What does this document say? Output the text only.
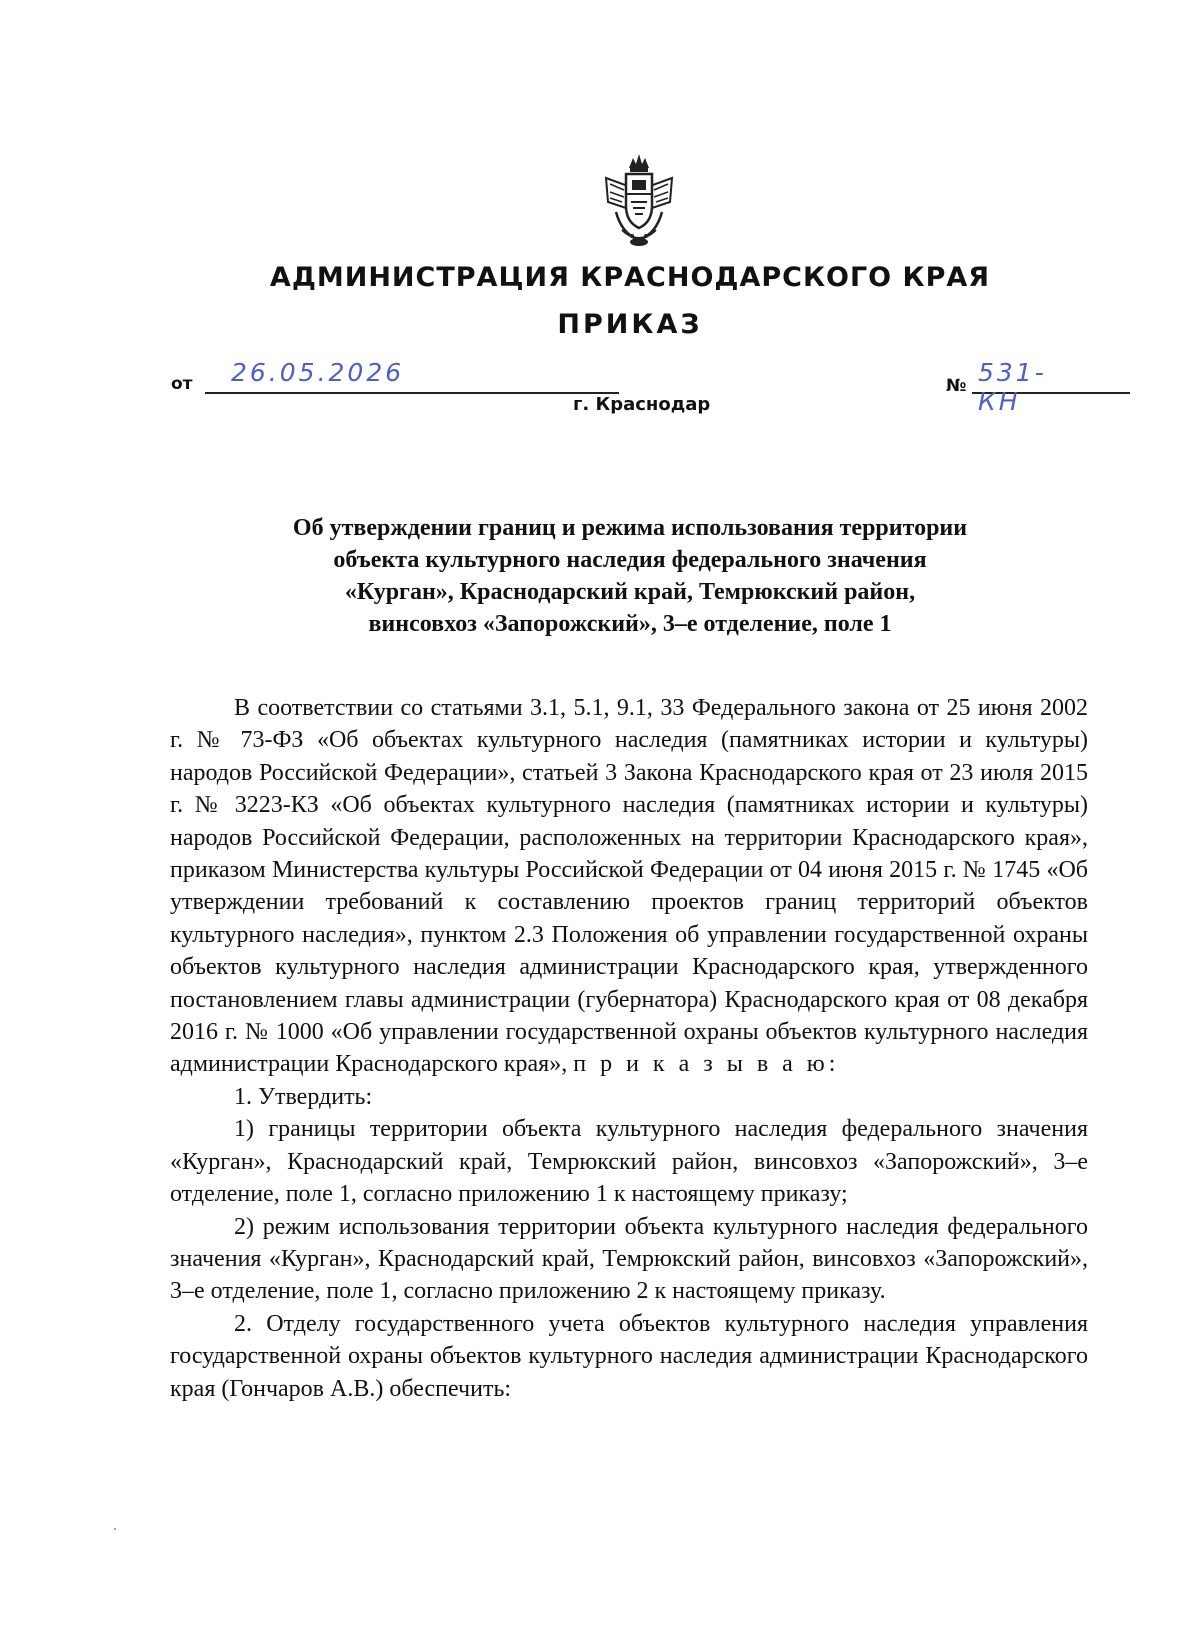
АДМИНИСТРАЦИЯ КРАСНОДАРСКОГО КРАЯ
ПРИКАЗ
от 26.05.2026	№ 531-КН
г. Краснодар
Об утверждении границ и режима использования территории
объекта культурного наследия федерального значения
«Курган», Краснодарский край, Темрюкский район,
винсовхоз «Запорожский», 3–е отделение, поле 1

В соответствии со статьями 3.1, 5.1, 9.1, 33 Федерального закона от 25 июня 2002 г. № 73-ФЗ «Об объектах культурного наследия (памятниках истории и культуры) народов Российской Федерации», статьей 3 Закона Краснодарского края от 23 июля 2015 г. № 3223-КЗ «Об объектах культурного наследия (памятниках истории и культуры) народов Российской Федерации, расположенных на территории Краснодарского края», приказом Министерства культуры Российской Федерации от 04 июня 2015 г. № 1745 «Об утверждении требований к составлению проектов границ территорий объектов культурного наследия», пунктом 2.3 Положения об управлении государственной охраны объектов культурного наследия администрации Краснодарского края, утвержденного постановлением главы администрации (губернатора) Краснодарского края от 08 декабря 2016 г. № 1000 «Об управлении государственной охраны объектов культурного наследия администрации Краснодарского края», п р и к а з ы в а ю:

1. Утвердить:

1) границы территории объекта культурного наследия федерального значения «Курган», Краснодарский край, Темрюкский район, винсовхоз «Запорожский», 3–е отделение, поле 1, согласно приложению 1 к настоящему приказу;

2) режим использования территории объекта культурного наследия федерального значения «Курган», Краснодарский край, Темрюкский район, винсовхоз «Запорожский», 3–е отделение, поле 1, согласно приложению 2 к настоящему приказу.

2. Отделу государственного учета объектов культурного наследия управления государственной охраны объектов культурного наследия администрации Краснодарского края (Гончаров А.В.) обеспечить:
